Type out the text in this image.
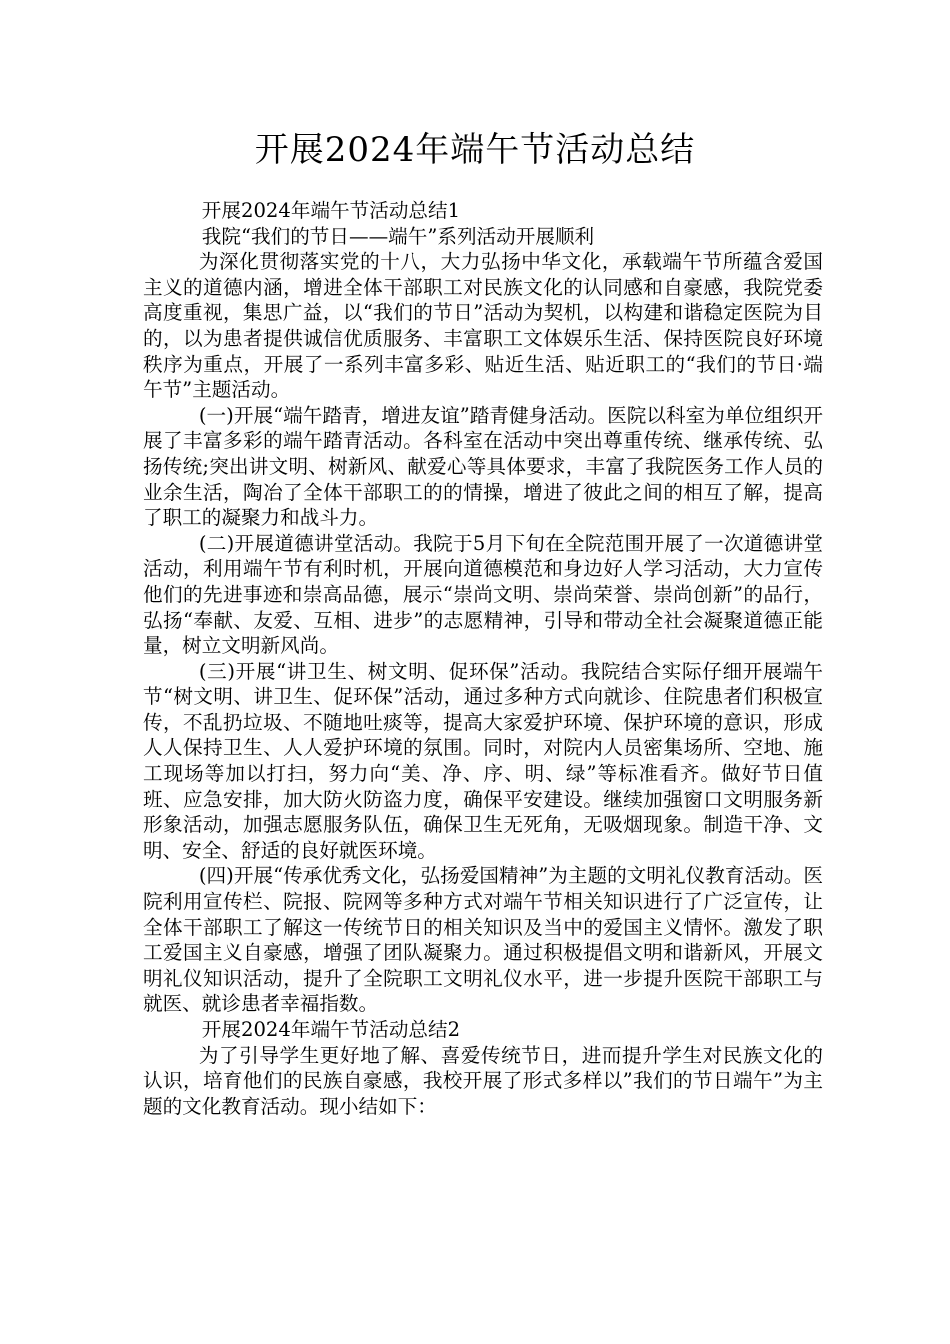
开展2024年端午节活动总结

开展2024年端午节活动总结1

我院“我们的节日——端午”系列活动开展顺利

为深化贯彻落实党的十八，大力弘扬中华文化，承载端午节所蕴含爱国主义的道德内涵，增进全体干部职工对民族文化的认同感和自豪感，我院党委高度重视，集思广益，以“我们的节日”活动为契机，以构建和谐稳定医院为目的，以为患者提供诚信优质服务、丰富职工文体娱乐生活、保持医院良好环境秩序为重点，开展了一系列丰富多彩、贴近生活、贴近职工的“我们的节日·端午节”主题活动。

(一)开展“端午踏青，增进友谊”踏青健身活动。医院以科室为单位组织开展了丰富多彩的端午踏青活动。各科室在活动中突出尊重传统、继承传统、弘扬传统;突出讲文明、树新风、献爱心等具体要求，丰富了我院医务工作人员的业余生活，陶冶了全体干部职工的的情操，增进了彼此之间的相互了解，提高了职工的凝聚力和战斗力。

(二)开展道德讲堂活动。我院于5月下旬在全院范围开展了一次道德讲堂活动，利用端午节有利时机，开展向道德模范和身边好人学习活动，大力宣传他们的先进事迹和崇高品德，展示“崇尚文明、崇尚荣誉、崇尚创新”的品行，弘扬“奉献、友爱、互相、进步”的志愿精神，引导和带动全社会凝聚道德正能量，树立文明新风尚。

(三)开展“讲卫生、树文明、促环保”活动。我院结合实际仔细开展端午节“树文明、讲卫生、促环保”活动，通过多种方式向就诊、住院患者们积极宣传，不乱扔垃圾、不随地吐痰等，提高大家爱护环境、保护环境的意识，形成人人保持卫生、人人爱护环境的氛围。同时，对院内人员密集场所、空地、施工现场等加以打扫，努力向“美、净、序、明、绿”等标准看齐。做好节日值班、应急安排，加大防火防盗力度，确保平安建设。继续加强窗口文明服务新形象活动，加强志愿服务队伍，确保卫生无死角，无吸烟现象。制造干净、文明、安全、舒适的良好就医环境。

(四)开展“传承优秀文化，弘扬爱国精神”为主题的文明礼仪教育活动。医院利用宣传栏、院报、院网等多种方式对端午节相关知识进行了广泛宣传，让全体干部职工了解这一传统节日的相关知识及当中的爱国主义情怀。激发了职工爱国主义自豪感，增强了团队凝聚力。通过积极提倡文明和谐新风，开展文明礼仪知识活动，提升了全院职工文明礼仪水平，进一步提升医院干部职工与就医、就诊患者幸福指数。

开展2024年端午节活动总结2

为了引导学生更好地了解、喜爱传统节日，进而提升学生对民族文化的认识，培育他们的民族自豪感，我校开展了形式多样以”我们的节日端午”为主题的文化教育活动。现小结如下：
